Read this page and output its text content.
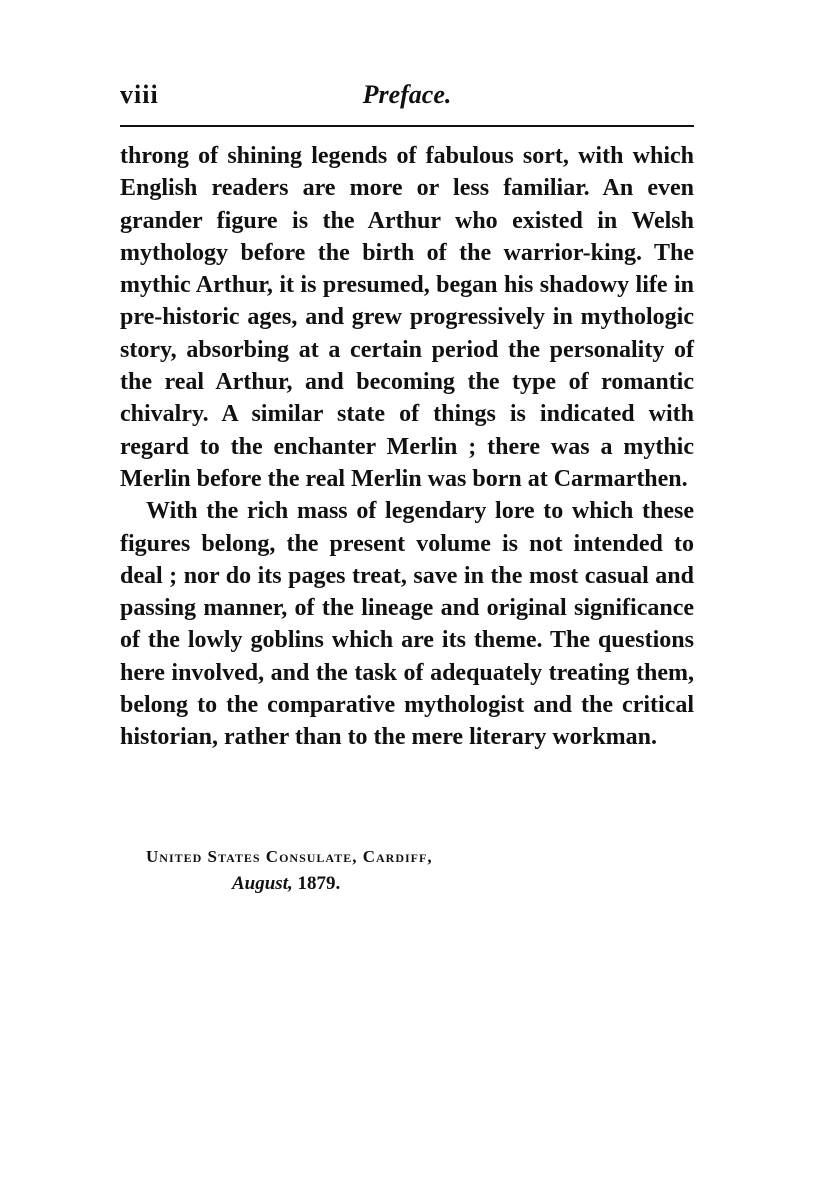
viii	Preface.

throng of shining legends of fabulous sort, with which English readers are more or less familiar. An even grander figure is the Arthur who existed in Welsh mythology before the birth of the warrior-king. The mythic Arthur, it is presumed, began his shadowy life in pre-historic ages, and grew progressively in mythologic story, absorbing at a certain period the personality of the real Arthur, and becoming the type of romantic chivalry. A similar state of things is indicated with regard to the enchanter Merlin ; there was a mythic Merlin before the real Merlin was born at Carmarthen.

With the rich mass of legendary lore to which these figures belong, the present volume is not intended to deal ; nor do its pages treat, save in the most casual and passing manner, of the lineage and original significance of the lowly goblins which are its theme. The questions here involved, and the task of adequately treating them, belong to the comparative mythologist and the critical historian, rather than to the mere literary workman.

United States Consulate, Cardiff,
August, 1879.
